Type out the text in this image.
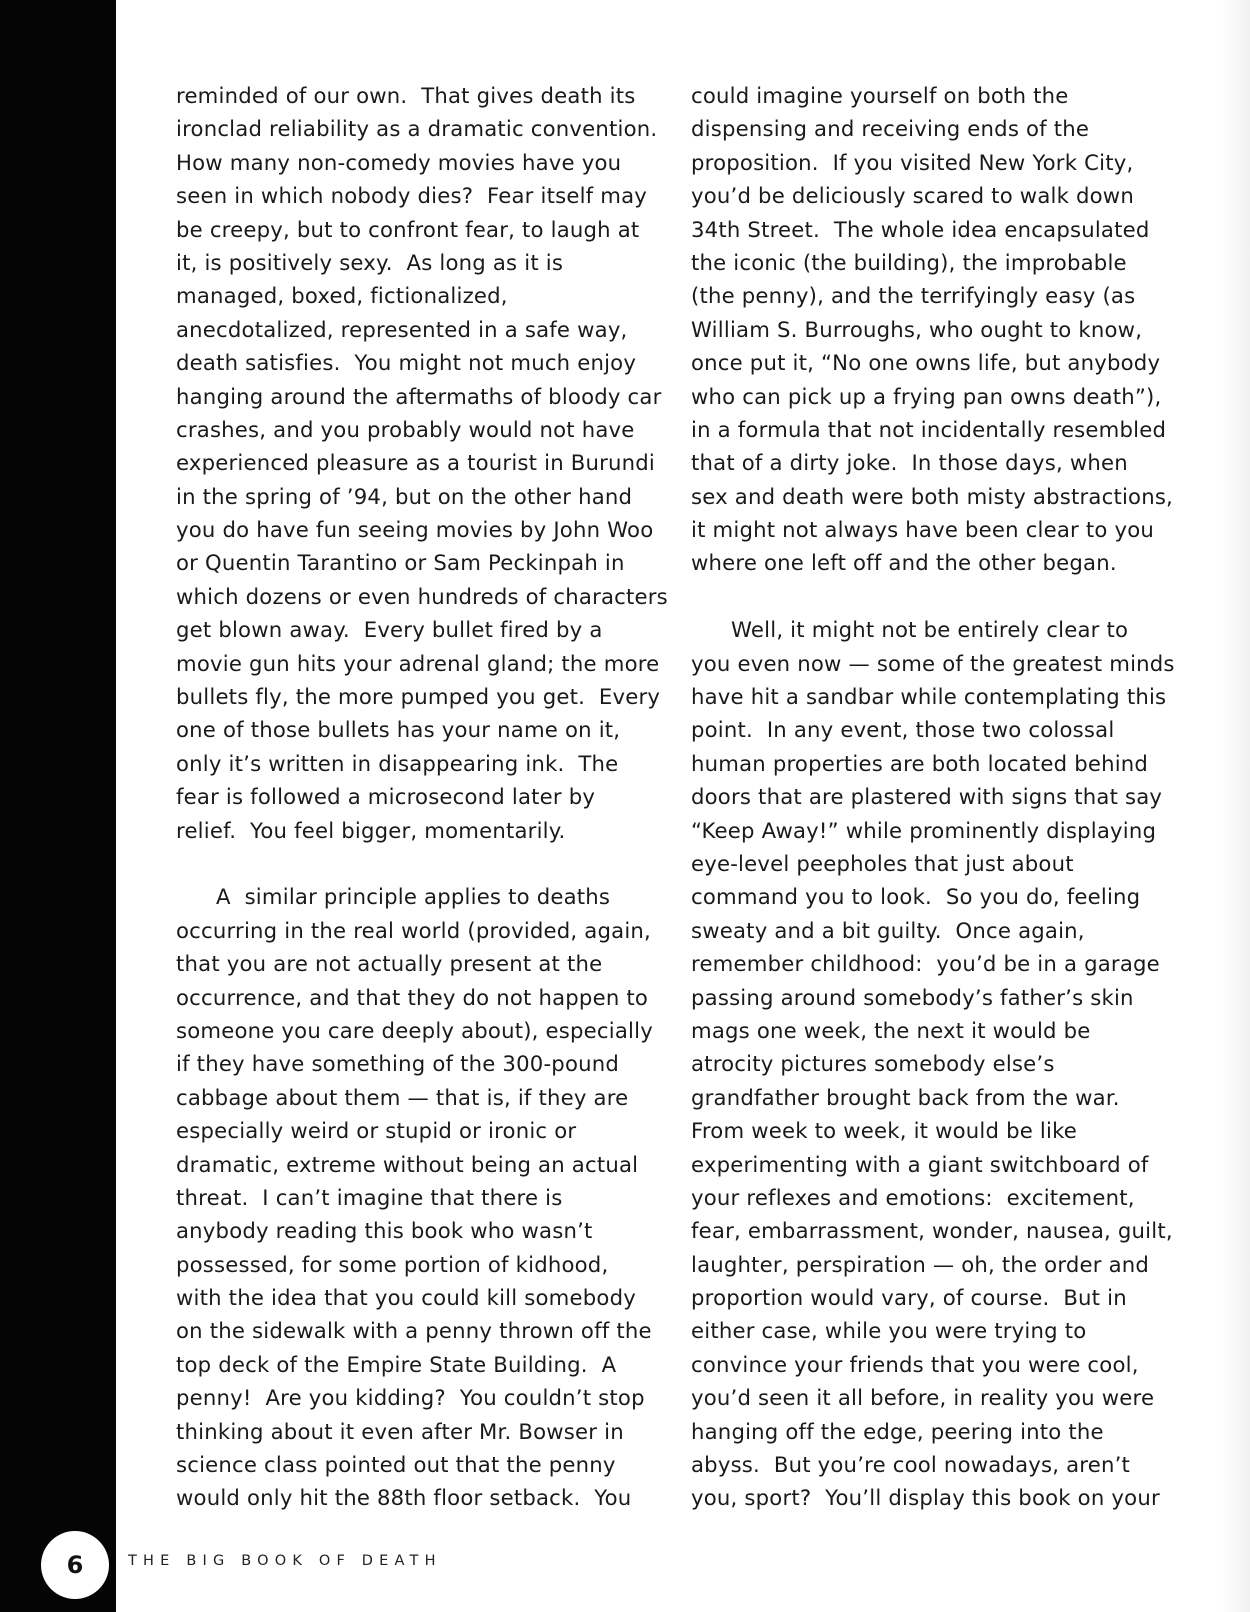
reminded of our own.  That gives death its
ironclad reliability as a dramatic convention.
How many non-comedy movies have you
seen in which nobody dies?  Fear itself may
be creepy, but to confront fear, to laugh at
it, is positively sexy.  As long as it is
managed, boxed, fictionalized,
anecdotalized, represented in a safe way,
death satisfies.  You might not much enjoy
hanging around the aftermaths of bloody car
crashes, and you probably would not have
experienced pleasure as a tourist in Burundi
in the spring of ’94, but on the other hand
you do have fun seeing movies by John Woo
or Quentin Tarantino or Sam Peckinpah in
which dozens or even hundreds of characters
get blown away.  Every bullet fired by a
movie gun hits your adrenal gland; the more
bullets fly, the more pumped you get.  Every
one of those bullets has your name on it,
only it’s written in disappearing ink.  The
fear is followed a microsecond later by
relief.  You feel bigger, momentarily.
A  similar principle applies to deaths
occurring in the real world (provided, again,
that you are not actually present at the
occurrence, and that they do not happen to
someone you care deeply about), especially
if they have something of the 300-pound
cabbage about them — that is, if they are
especially weird or stupid or ironic or
dramatic, extreme without being an actual
threat.  I can’t imagine that there is
anybody reading this book who wasn’t
possessed, for some portion of kidhood,
with the idea that you could kill somebody
on the sidewalk with a penny thrown off the
top deck of the Empire State Building.  A
penny!  Are you kidding?  You couldn’t stop
thinking about it even after Mr. Bowser in
science class pointed out that the penny
would only hit the 88th floor setback.  You
could imagine yourself on both the
dispensing and receiving ends of the
proposition.  If you visited New York City,
you’d be deliciously scared to walk down
34th Street.  The whole idea encapsulated
the iconic (the building), the improbable
(the penny), and the terrifyingly easy (as
William S. Burroughs, who ought to know,
once put it, “No one owns life, but anybody
who can pick up a frying pan owns death”),
in a formula that not incidentally resembled
that of a dirty joke.  In those days, when
sex and death were both misty abstractions,
it might not always have been clear to you
where one left off and the other began.
Well, it might not be entirely clear to
you even now — some of the greatest minds
have hit a sandbar while contemplating this
point.  In any event, those two colossal
human properties are both located behind
doors that are plastered with signs that say
“Keep Away!” while prominently displaying
eye-level peepholes that just about
command you to look.  So you do, feeling
sweaty and a bit guilty.  Once again,
remember childhood:  you’d be in a garage
passing around somebody’s father’s skin
mags one week, the next it would be
atrocity pictures somebody else’s
grandfather brought back from the war.
From week to week, it would be like
experimenting with a giant switchboard of
your reflexes and emotions:  excitement,
fear, embarrassment, wonder, nausea, guilt,
laughter, perspiration — oh, the order and
proportion would vary, of course.  But in
either case, while you were trying to
convince your friends that you were cool,
you’d seen it all before, in reality you were
hanging off the edge, peering into the
abyss.  But you’re cool nowadays, aren’t
you, sport?  You’ll display this book on your
6	THE BIG BOOK OF DEATH
